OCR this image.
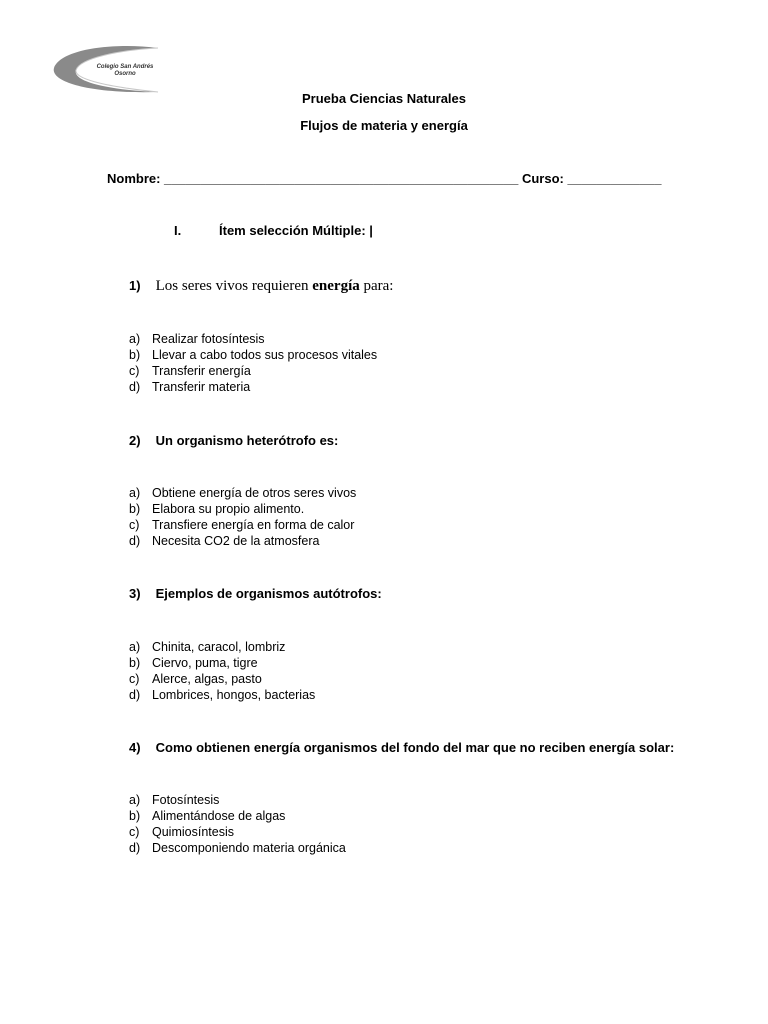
Colegio San Andrés
Osorno
Prueba Ciencias Naturales
Flujos de materia y energía
Nombre: _________________________________________________ Curso: _____________
I.	Ítem selección Múltiple: |
1) Los seres vivos requieren energía para:
a) Realizar fotosíntesis
b) Llevar a cabo todos sus procesos vitales
c) Transferir energía
d) Transferir materia
2) Un organismo heterótrofo es:
a) Obtiene energía de otros seres vivos
b) Elabora su propio alimento.
c) Transfiere energía en forma de calor
d) Necesita CO2 de la atmosfera
3) Ejemplos de organismos autótrofos:
a) Chinita, caracol, lombriz
b) Ciervo, puma, tigre
c) Alerce, algas, pasto
d) Lombrices, hongos, bacterias
4) Como obtienen energía organismos del fondo del mar que no reciben energía solar:
a) Fotosíntesis
b) Alimentándose de algas
c) Quimiosíntesis
d) Descomponiendo materia orgánica
